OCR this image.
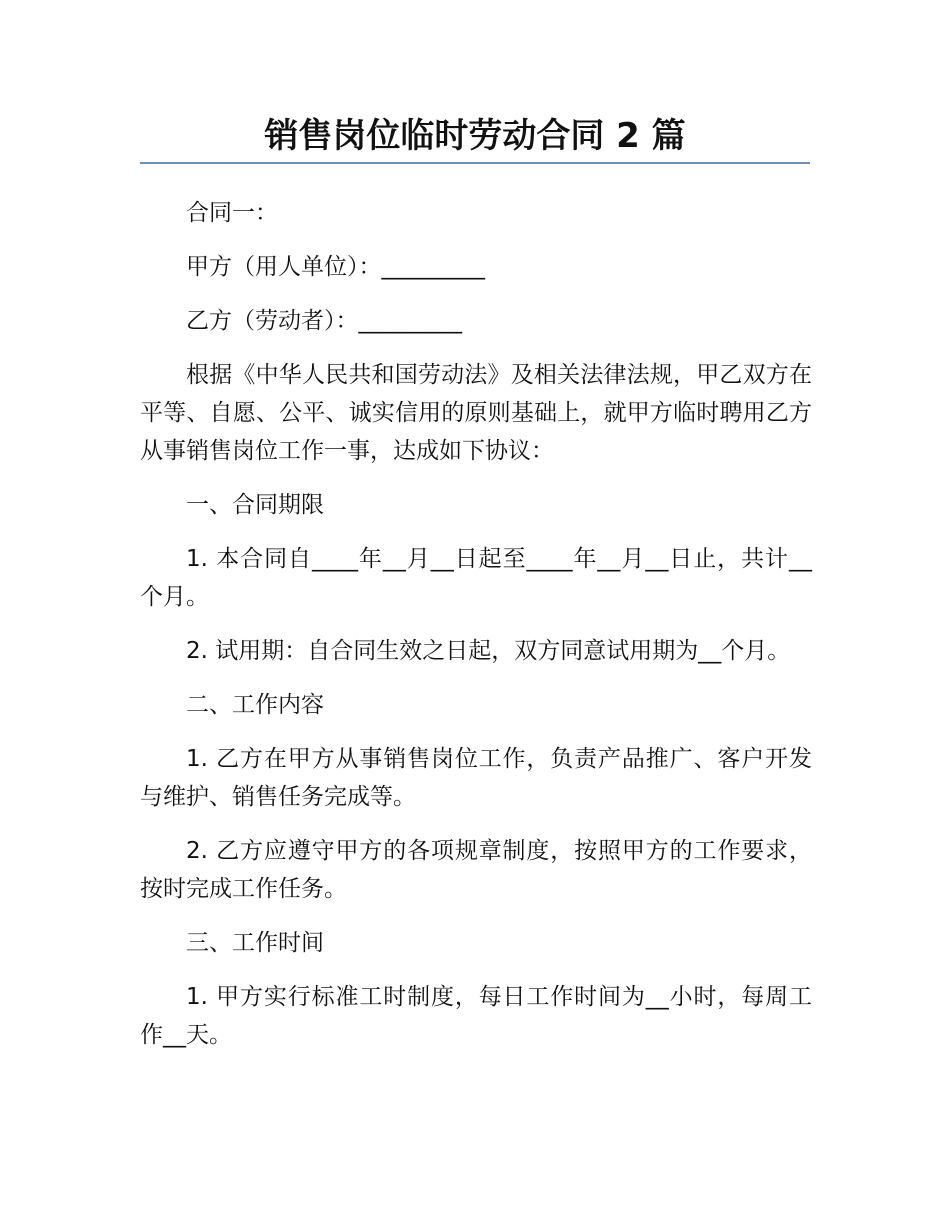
销售岗位临时劳动合同 2 篇

合同一：

甲方（用人单位）：_________

乙方（劳动者）：_________

根据《中华人民共和国劳动法》及相关法律法规，甲乙双方在平等、自愿、公平、诚实信用的原则基础上，就甲方临时聘用乙方从事销售岗位工作一事，达成如下协议：

一、合同期限

1. 本合同自____年__月__日起至____年__月__日止，共计__个月。

2. 试用期：自合同生效之日起，双方同意试用期为__个月。

二、工作内容

1. 乙方在甲方从事销售岗位工作，负责产品推广、客户开发与维护、销售任务完成等。

2. 乙方应遵守甲方的各项规章制度，按照甲方的工作要求，按时完成工作任务。

三、工作时间

1. 甲方实行标准工时制度，每日工作时间为__小时，每周工作__天。
